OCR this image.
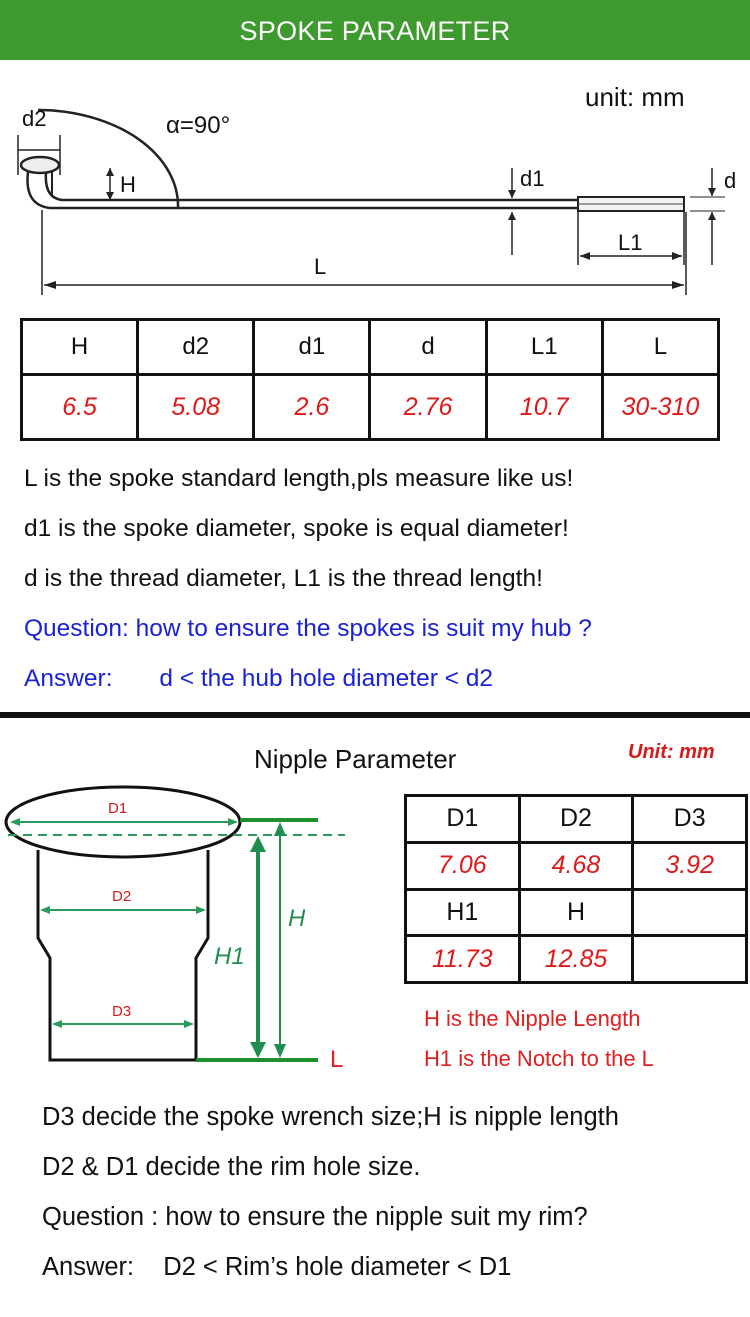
SPOKE PARAMETER
unit: mm
d2	α=90°
H	d1	d
L1
L
H	d2	d1	d	L1	L
6.5	5.08	2.6	2.76	10.7	30-310
L is the spoke standard length,pls measure like us!
d1 is the spoke diameter, spoke is equal diameter!
d is the thread diameter, L1 is the thread length!
Question: how to ensure the spokes is suit my hub ?
Answer: d < the hub hole diameter < d2
Nipple Parameter	Unit: mm
D1
D2
D3
H
H1
L
D1	D2	D3
7.06	4.68	3.92
H1	H	
11.73	12.85	
H is the Nipple Length
H1 is the Notch to the L
D3 decide the spoke wrench size;H is nipple length
D2 & D1 decide the rim hole size.
Question : how to ensure the nipple suit my rim?
Answer: D2 < Rim’s hole diameter < D1
